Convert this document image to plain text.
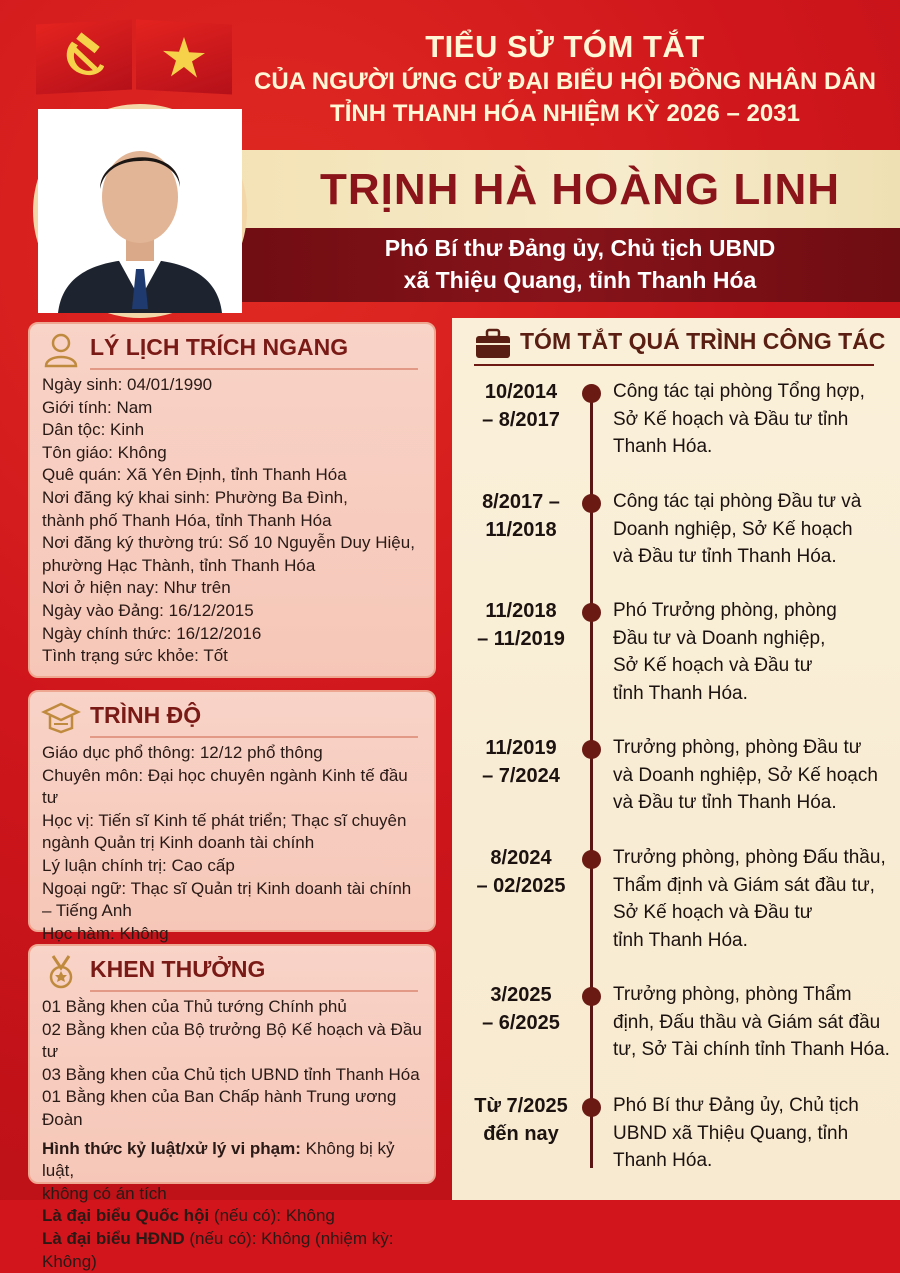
TIỂU SỬ TÓM TẮT
CỦA NGƯỜI ỨNG CỬ ĐẠI BIỂU HỘI ĐỒNG NHÂN DÂN
TỈNH THANH HÓA NHIỆM KỲ 2026 – 2031
TRỊNH HÀ HOÀNG LINH
Phó Bí thư Đảng ủy, Chủ tịch UBND
xã Thiệu Quang, tỉnh Thanh Hóa
LÝ LỊCH TRÍCH NGANG
Ngày sinh: 04/01/1990
Giới tính: Nam
Dân tộc: Kinh
Tôn giáo: Không
Quê quán: Xã Yên Định, tỉnh Thanh Hóa
Nơi đăng ký khai sinh: Phường Ba Đình,
thành phố Thanh Hóa, tỉnh Thanh Hóa
Nơi đăng ký thường trú: Số 10 Nguyễn Duy Hiệu,
phường Hạc Thành, tỉnh Thanh Hóa
Nơi ở hiện nay: Như trên
Ngày vào Đảng: 16/12/2015
Ngày chính thức: 16/12/2016
Tình trạng sức khỏe: Tốt
TRÌNH ĐỘ
Giáo dục phổ thông: 12/12 phổ thông
Chuyên môn: Đại học chuyên ngành Kinh tế đầu tư
Học vị: Tiến sĩ Kinh tế phát triển; Thạc sĩ chuyên
ngành Quản trị Kinh doanh tài chính
Lý luận chính trị: Cao cấp
Ngoại ngữ: Thạc sĩ Quản trị Kinh doanh tài chính
– Tiếng Anh
Học hàm: Không
KHEN THƯỞNG
01 Bằng khen của Thủ tướng Chính phủ
02 Bằng khen của Bộ trưởng Bộ Kế hoạch và Đầu tư
03 Bằng khen của Chủ tịch UBND tỉnh Thanh Hóa
01 Bằng khen của Ban Chấp hành Trung ương Đoàn
Hình thức kỷ luật/xử lý vi phạm: Không bị kỷ luật,
không có án tích
Là đại biểu Quốc hội (nếu có): Không
Là đại biểu HĐND (nếu có): Không (nhiệm kỳ: Không)
TÓM TẮT QUÁ TRÌNH CÔNG TÁC
10/2014
– 8/2017
Công tác tại phòng Tổng hợp,
Sở Kế hoạch và Đầu tư tỉnh
Thanh Hóa.
8/2017 –
11/2018
Công tác tại phòng Đầu tư và
Doanh nghiệp, Sở Kế hoạch
và Đầu tư tỉnh Thanh Hóa.
11/2018
– 11/2019
Phó Trưởng phòng, phòng
Đầu tư và Doanh nghiệp,
Sở Kế hoạch và Đầu tư
tỉnh Thanh Hóa.
11/2019
– 7/2024
Trưởng phòng, phòng Đầu tư
và Doanh nghiệp, Sở Kế hoạch
và Đầu tư tỉnh Thanh Hóa.
8/2024
– 02/2025
Trưởng phòng, phòng Đấu thầu,
Thẩm định và Giám sát đầu tư,
Sở Kế hoạch và Đầu tư
tỉnh Thanh Hóa.
3/2025
– 6/2025
Trưởng phòng, phòng Thẩm
định, Đấu thầu và Giám sát đầu
tư, Sở Tài chính tỉnh Thanh Hóa.
Từ 7/2025
đến nay
Phó Bí thư Đảng ủy, Chủ tịch
UBND xã Thiệu Quang, tỉnh
Thanh Hóa.
